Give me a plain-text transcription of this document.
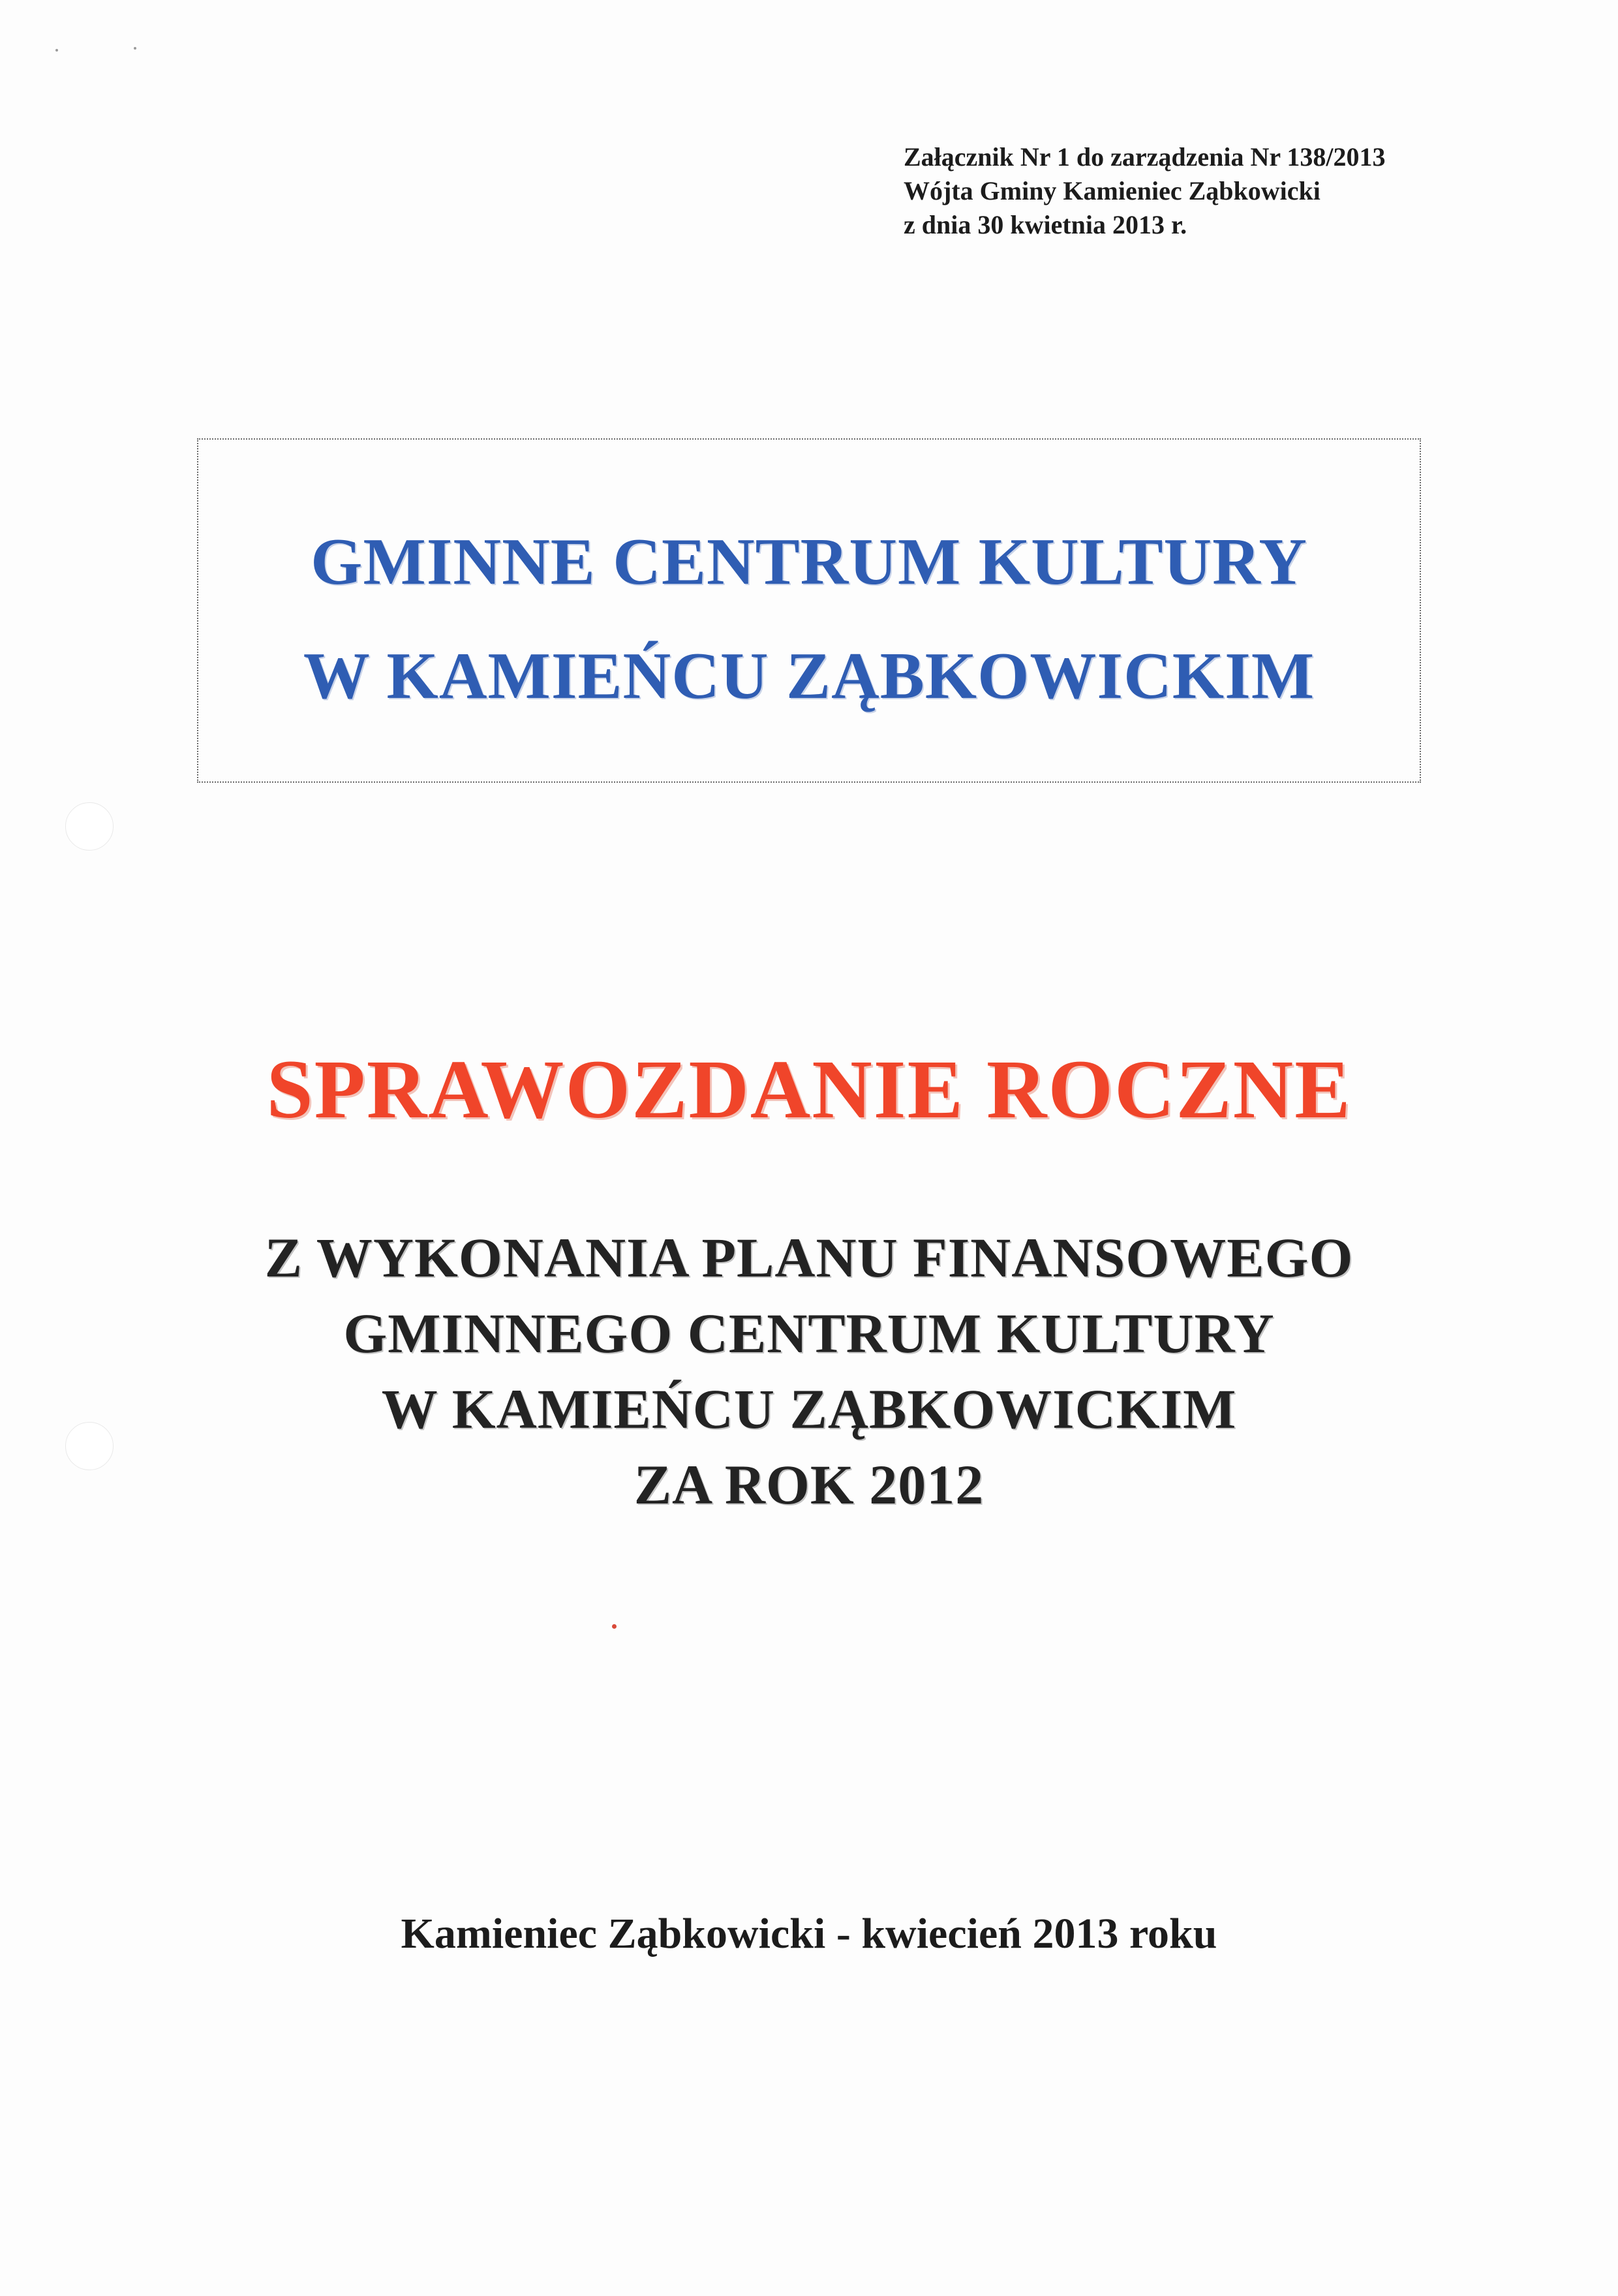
Załącznik Nr 1 do zarządzenia Nr 138/2013
Wójta Gminy Kamieniec Ząbkowicki
z dnia 30 kwietnia 2013 r.
GMINNE CENTRUM KULTURY
W KAMIEŃCU ZĄBKOWICKIM
SPRAWOZDANIE ROCZNE
Z WYKONANIA PLANU FINANSOWEGO
GMINNEGO CENTRUM KULTURY
W KAMIEŃCU ZĄBKOWICKIM
ZA ROK 2012
Kamieniec Ząbkowicki - kwiecień 2013 roku
